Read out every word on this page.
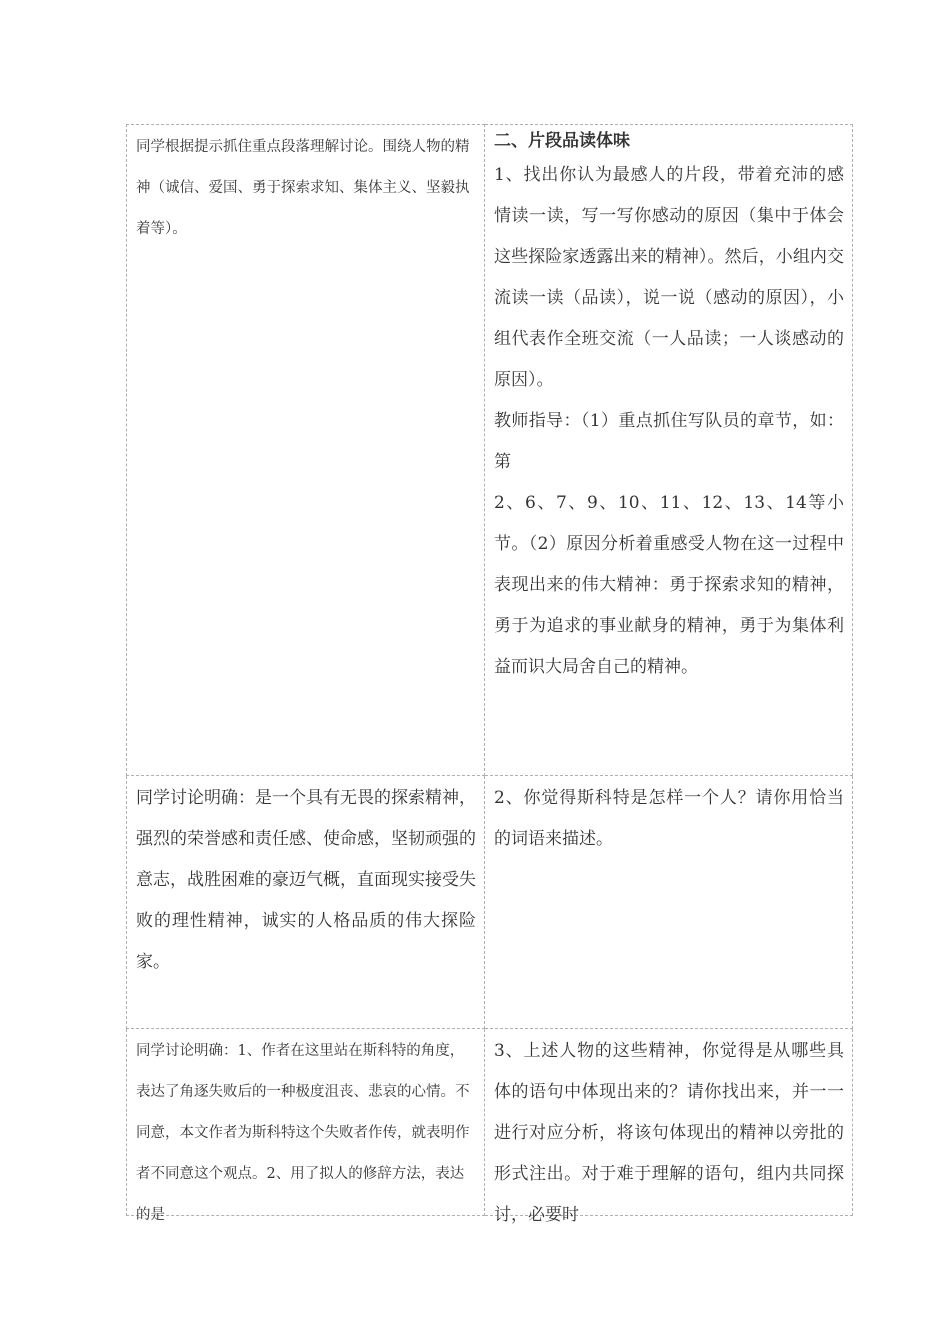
同学根据提示抓住重点段落理解讨论。围绕人物的精神（诚信、爱国、勇于探索求知、集体主义、坚毅执着等）。	二、片段品读体味

1、找出你认为最感人的片段，带着充沛的感情读一读，写一写你感动的原因（集中于体会这些探险家透露出来的精神）。然后，小组内交流读一读（品读），说一说（感动的原因），小组代表作全班交流（一人品读；一人谈感动的原因）。

教师指导：（1）重点抓住写队员的章节，如：第

2、6、7、9、10、11、12、13、14等小节。（2）原因分析着重感受人物在这一过程中表现出来的伟大精神：勇于探索求知的精神，勇于为追求的事业献身的精神，勇于为集体利益而识大局舍自己的精神。

同学讨论明确：是一个具有无畏的探索精神，强烈的荣誉感和责任感、使命感，坚韧顽强的意志，战胜困难的豪迈气概，直面现实接受失败的理性精神，诚实的人格品质的伟大探险家。	2、你觉得斯科特是怎样一个人？请你用恰当的词语来描述。

同学讨论明确：1、作者在这里站在斯科特的角度，表达了角逐失败后的一种极度沮丧、悲哀的心情。不同意，本文作者为斯科特这个失败者作传，就表明作者不同意这个观点。2、用了拟人的修辞方法，表达的是	3、上述人物的这些精神，你觉得是从哪些具体的语句中体现出来的？请你找出来，并一一进行对应分析，将该句体现出的精神以旁批的形式注出。对于难于理解的语句，组内共同探讨，必要时
